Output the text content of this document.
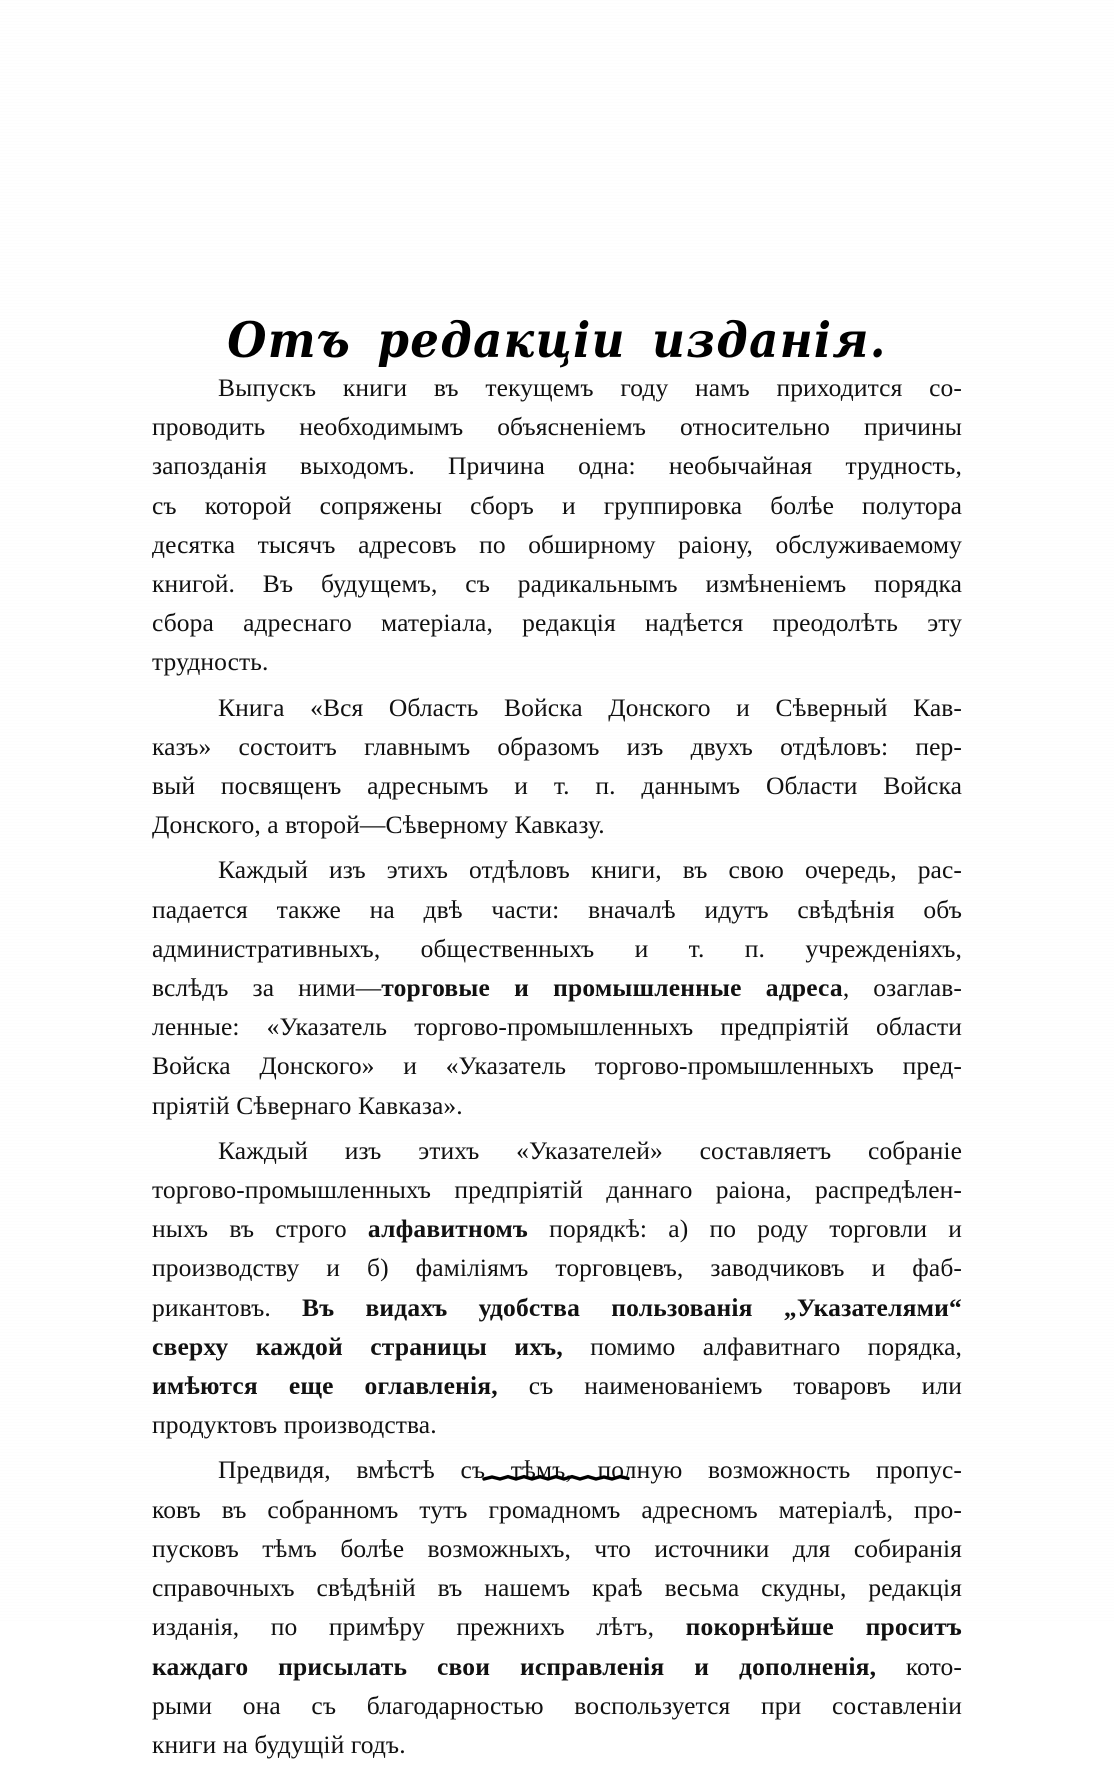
Отъ редакціи изданія.

Выпускъ книги въ текущемъ году намъ приходится со-
проводить необходимымъ объясненіемъ относительно причины
запозданія выходомъ. Причина одна: необычайная трудность,
съ которой сопряжены сборъ и группировка болѣе полутора
десятка тысячъ адресовъ по обширному раіону, обслуживаемому
книгой. Въ будущемъ, съ радикальнымъ измѣненіемъ порядка
сбора адреснаго матеріала, редакція надѣется преодолѣть эту
трудность.

Книга «Вся Область Войска Донского и Сѣверный Кав-
казъ» состоитъ главнымъ образомъ изъ двухъ отдѣловъ: пер-
вый посвященъ адреснымъ и т. п. даннымъ Области Войска
Донского, а второй—Сѣверному Кавказу.

Каждый изъ этихъ отдѣловъ книги, въ свою очередь, рас-
падается также на двѣ части: вначалѣ идутъ свѣдѣнія объ
административныхъ, общественныхъ и т. п. учрежденіяхъ,
вслѣдъ за ними—торговые и промышленные адреса, озаглав-
ленные: «Указатель торгово-промышленныхъ предпріятій области
Войска Донского» и «Указатель торгово-промышленныхъ пред-
пріятій Сѣвернаго Кавказа».

Каждый изъ этихъ «Указателей» составляетъ собраніе
торгово-промышленныхъ предпріятій даннаго раіона, распредѣлен-
ныхъ въ строго алфавитномъ порядкѣ: а) по роду торговли и
производству и б) фаміліямъ торговцевъ, заводчиковъ и фаб-
рикантовъ. Въ видахъ удобства пользованія „Указателями“
сверху каждой страницы ихъ, помимо алфавитнаго порядка,
имѣются еще оглавленія, съ наименованіемъ товаровъ или
продуктовъ производства.

Предвидя, вмѣстѣ съ тѣмъ, полную возможность пропус-
ковъ въ собранномъ тутъ громадномъ адресномъ матеріалѣ, про-
пусковъ тѣмъ болѣе возможныхъ, что источники для собиранія
справочныхъ свѣдѣній въ нашемъ краѣ весьма скудны, редакція
изданія, по примѣру прежнихъ лѣтъ, покорнѣйше проситъ
каждаго присылать свои исправленія и дополненія, кото-
рыми она съ благодарностью воспользуется при составленіи
книги на будущій годъ.
